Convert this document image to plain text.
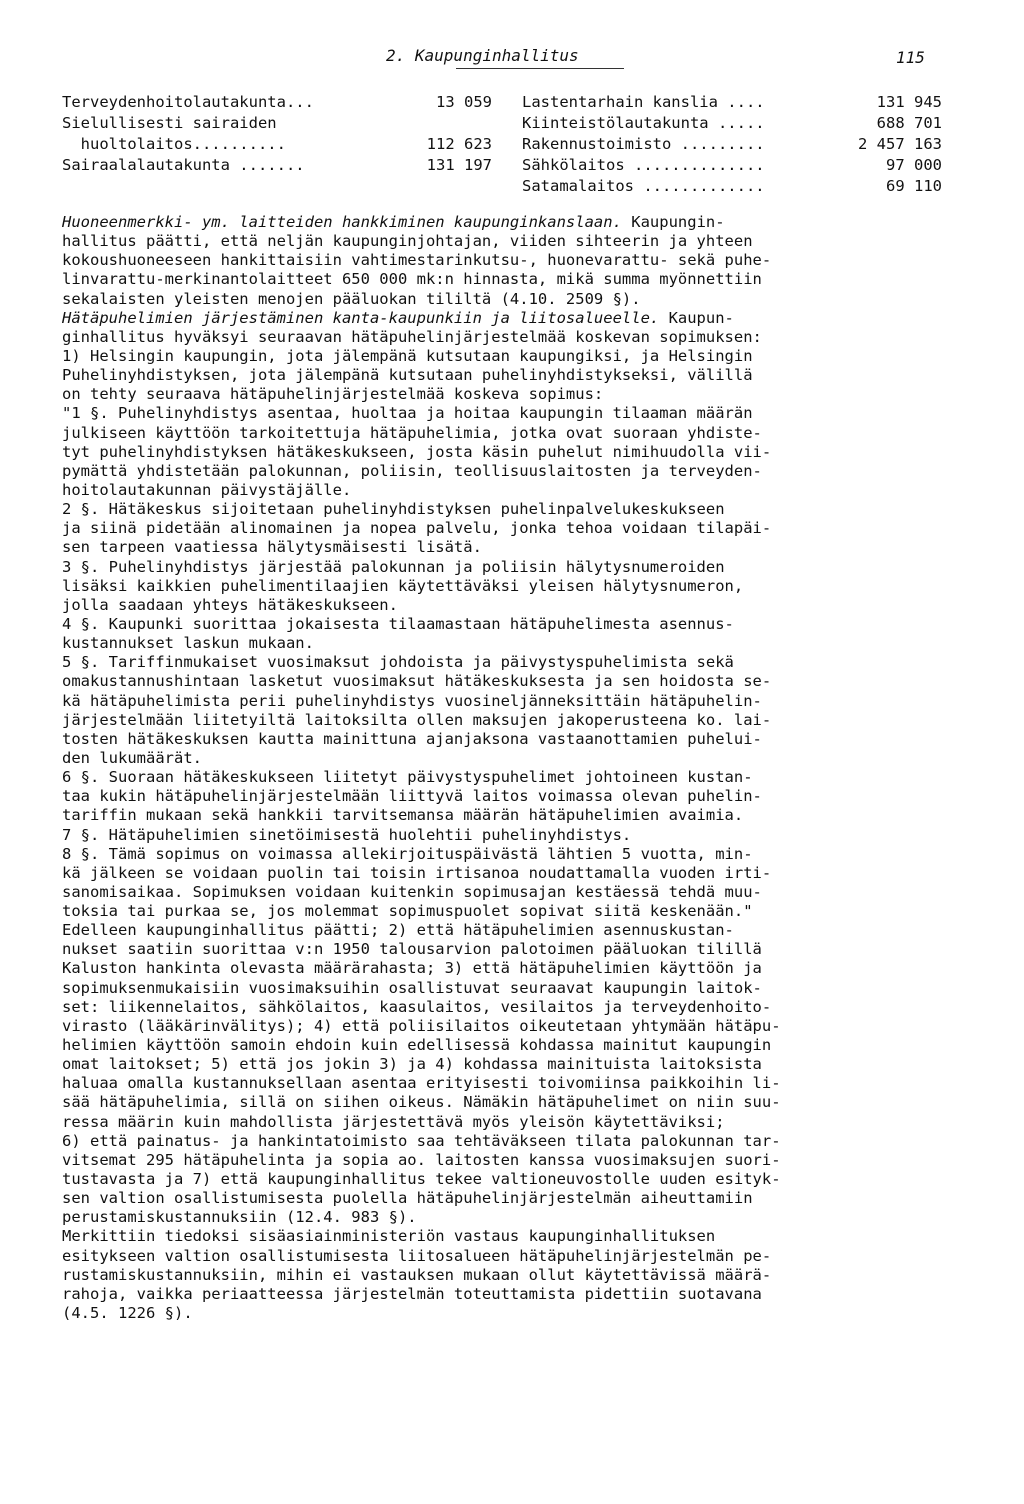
2. Kaupunginhallitus	115
Terveydenhoitolautakunta...	13 059
Sielullisesti sairaiden
huoltolaitos..........	112 623
Sairaalalautakunta .......	131 197
Lastentarhain kanslia ....	131 945
Kiinteistölautakunta .....	688 701
Rakennustoimisto .........	2 457 163
Sähkölaitos ..............	97 000
Satamalaitos .............	69 110
Huoneenmerkki- ym. laitteiden hankkiminen kaupunginkanslaan. Kaupungin-
hallitus päätti, että neljän kaupunginjohtajan, viiden sihteerin ja yhteen
kokoushuoneeseen hankittaisiin vahtimestarinkutsu-, huonevarattu- sekä puhe-
linvarattu-merkinantolaitteet 650 000 mk:n hinnasta, mikä summa myönnettiin
sekalaisten yleisten menojen pääluokan tililtä (4.10. 2509 §).
Hätäpuhelimien järjestäminen kanta-kaupunkiin ja liitosalueelle. Kaupun-
ginhallitus hyväksyi seuraavan hätäpuhelinjärjestelmää koskevan sopimuksen:
1) Helsingin kaupungin, jota jälempänä kutsutaan kaupungiksi, ja Helsingin
Puhelinyhdistyksen, jota jälempänä kutsutaan puhelinyhdistykseksi, välillä
on tehty seuraava hätäpuhelinjärjestelmää koskeva sopimus:
"1 §. Puhelinyhdistys asentaa, huoltaa ja hoitaa kaupungin tilaaman määrän
julkiseen käyttöön tarkoitettuja hätäpuhelimia, jotka ovat suoraan yhdiste-
tyt puhelinyhdistyksen hätäkeskukseen, josta käsin puhelut nimihuudolla vii-
pymättä yhdistetään palokunnan, poliisin, teollisuuslaitosten ja terveyden-
hoitolautakunnan päivystäjälle.
2 §. Hätäkeskus sijoitetaan puhelinyhdistyksen puhelinpalvelukeskukseen
ja siinä pidetään alinomainen ja nopea palvelu, jonka tehoa voidaan tilapäi-
sen tarpeen vaatiessa hälytysmäisesti lisätä.
3 §. Puhelinyhdistys järjestää palokunnan ja poliisin hälytysnumeroiden
lisäksi kaikkien puhelimentilaajien käytettäväksi yleisen hälytysnumeron,
jolla saadaan yhteys hätäkeskukseen.
4 §. Kaupunki suorittaa jokaisesta tilaamastaan hätäpuhelimesta asennus-
kustannukset laskun mukaan.
5 §. Tariffinmukaiset vuosimaksut johdoista ja päivystyspuhelimista sekä
omakustannushintaan lasketut vuosimaksut hätäkeskuksesta ja sen hoidosta se-
kä hätäpuhelimista perii puhelinyhdistys vuosineljänneksittäin hätäpuhelin-
järjestelmään liitetyiltä laitoksilta ollen maksujen jakoperusteena ko. lai-
tosten hätäkeskuksen kautta mainittuna ajanjaksona vastaanottamien puhelui-
den lukumäärät.
6 §. Suoraan hätäkeskukseen liitetyt päivystyspuhelimet johtoineen kustan-
taa kukin hätäpuhelinjärjestelmään liittyvä laitos voimassa olevan puhelin-
tariffin mukaan sekä hankkii tarvitsemansa määrän hätäpuhelimien avaimia.
7 §. Hätäpuhelimien sinetöimisestä huolehtii puhelinyhdistys.
8 §. Tämä sopimus on voimassa allekirjoituspäivästä lähtien 5 vuotta, min-
kä jälkeen se voidaan puolin tai toisin irtisanoa noudattamalla vuoden irti-
sanomisaikaa. Sopimuksen voidaan kuitenkin sopimusajan kestäessä tehdä muu-
toksia tai purkaa se, jos molemmat sopimuspuolet sopivat siitä keskenään."
Edelleen kaupunginhallitus päätti; 2) että hätäpuhelimien asennuskustan-
nukset saatiin suorittaa v:n 1950 talousarvion palotoimen pääluokan tilillä
Kaluston hankinta olevasta määrärahasta; 3) että hätäpuhelimien käyttöön ja
sopimuksenmukaisiin vuosimaksuihin osallistuvat seuraavat kaupungin laitok-
set: liikennelaitos, sähkölaitos, kaasulaitos, vesilaitos ja terveydenhoito-
virasto (lääkärinvälitys); 4) että poliisilaitos oikeutetaan yhtymään hätäpu-
helimien käyttöön samoin ehdoin kuin edellisessä kohdassa mainitut kaupungin
omat laitokset; 5) että jos jokin 3) ja 4) kohdassa mainituista laitoksista
haluaa omalla kustannuksellaan asentaa erityisesti toivomiinsa paikkoihin li-
sää hätäpuhelimia, sillä on siihen oikeus. Nämäkin hätäpuhelimet on niin suu-
ressa määrin kuin mahdollista järjestettävä myös yleisön käytettäviksi;
6) että painatus- ja hankintatoimisto saa tehtäväkseen tilata palokunnan tar-
vitsemat 295 hätäpuhelinta ja sopia ao. laitosten kanssa vuosimaksujen suori-
tustavasta ja 7) että kaupunginhallitus tekee valtioneuvostolle uuden esityk-
sen valtion osallistumisesta puolella hätäpuhelinjärjestelmän aiheuttamiin
perustamiskustannuksiin (12.4. 983 §).
Merkittiin tiedoksi sisäasiainministeriön vastaus kaupunginhallituksen
esitykseen valtion osallistumisesta liitosalueen hätäpuhelinjärjestelmän pe-
rustamiskustannuksiin, mihin ei vastauksen mukaan ollut käytettävissä määrä-
rahoja, vaikka periaatteessa järjestelmän toteuttamista pidettiin suotavana
(4.5. 1226 §).
